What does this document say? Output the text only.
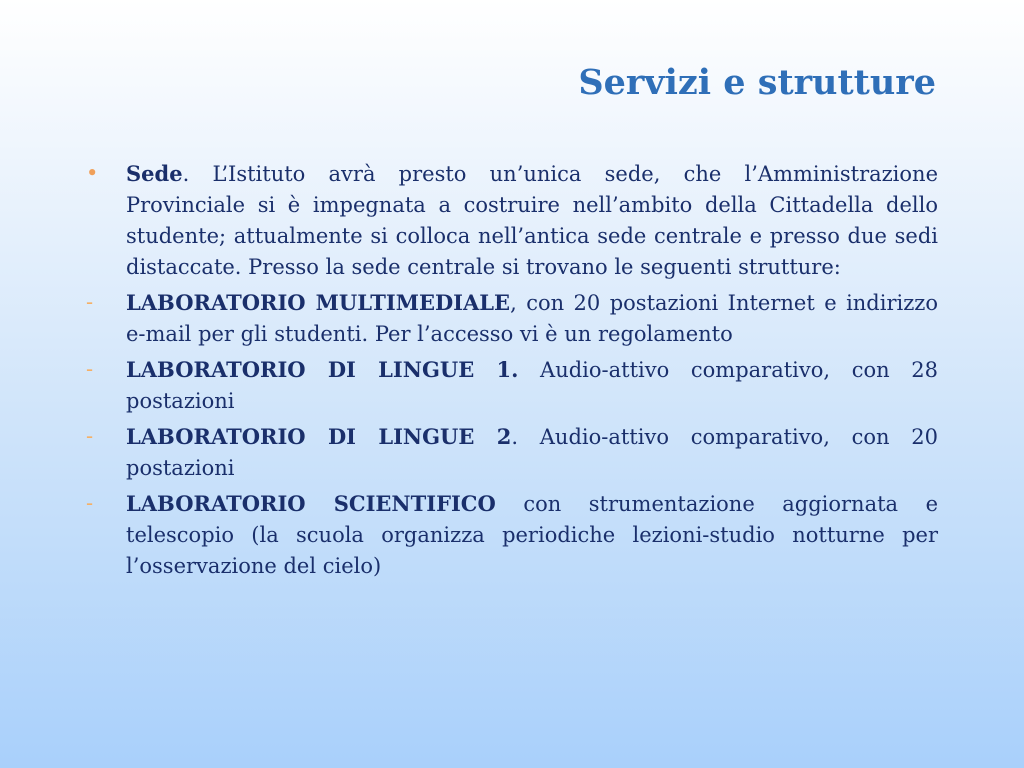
Servizi e strutture
•	Sede. L’Istituto avrà presto un’unica sede, che l’Amministrazione Provinciale si è impegnata a costruire nell’ambito della Cittadella dello studente; attualmente si colloca nell’antica sede centrale e presso due sedi distaccate. Presso la sede centrale si trovano le seguenti strutture:
-	LABORATORIO MULTIMEDIALE, con 20 postazioni Internet e indirizzo e-mail per gli studenti. Per l’accesso vi è un regolamento
-	LABORATORIO DI LINGUE 1. Audio-attivo comparativo, con 28 postazioni
-	LABORATORIO DI LINGUE 2. Audio-attivo comparativo, con 20 postazioni
-	LABORATORIO SCIENTIFICO con strumentazione aggiornata e telescopio (la scuola organizza periodiche lezioni-studio notturne per l’osservazione del cielo)
